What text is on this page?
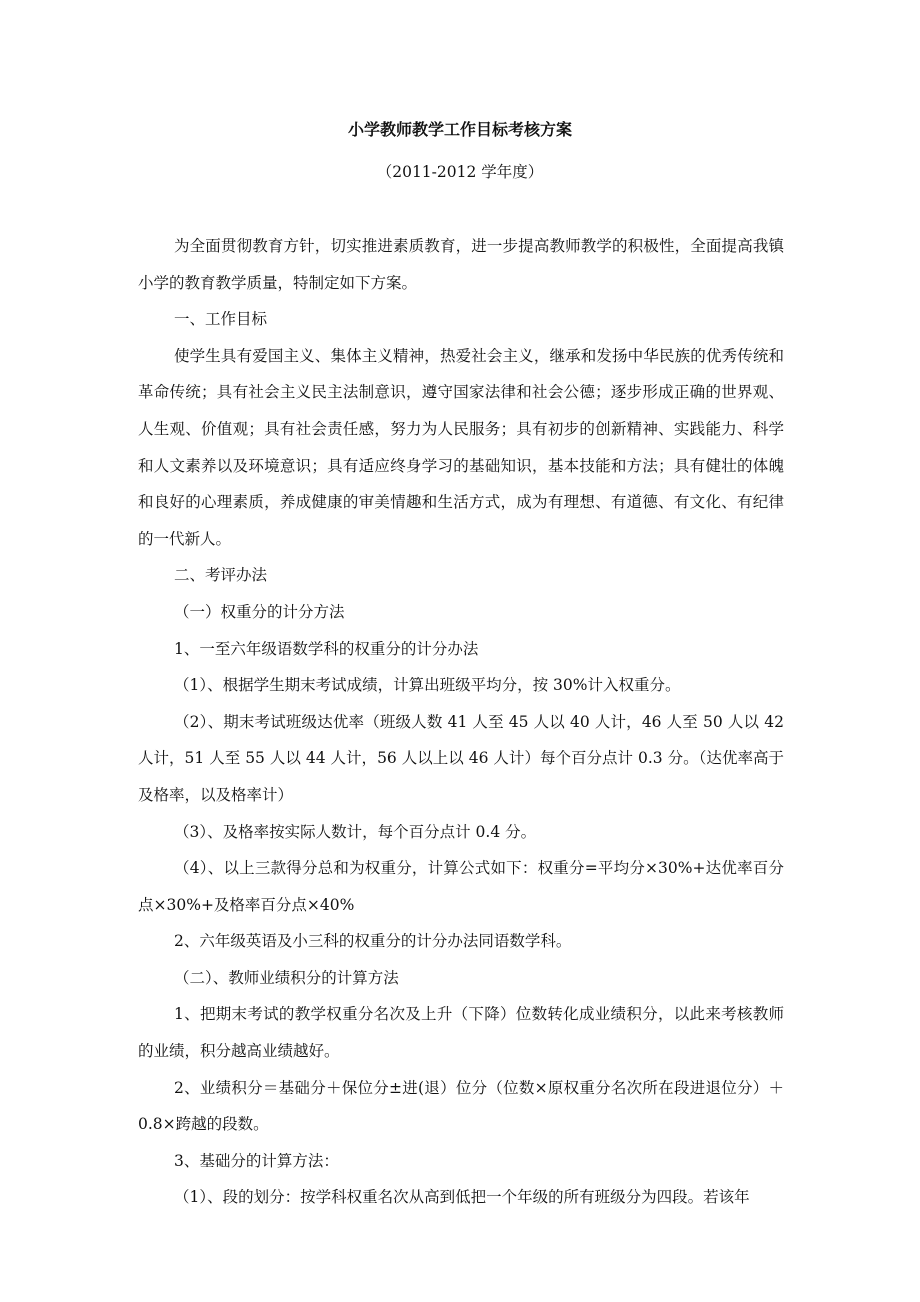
小学教师教学工作目标考核方案
（2011-2012 学年度）

为全面贯彻教育方针，切实推进素质教育，进一步提高教师教学的积极性，全面提高我镇小学的教育教学质量，特制定如下方案。

一、工作目标

使学生具有爱国主义、集体主义精神，热爱社会主义，继承和发扬中华民族的优秀传统和革命传统；具有社会主义民主法制意识，遵守国家法律和社会公德；逐步形成正确的世界观、人生观、价值观；具有社会责任感，努力为人民服务；具有初步的创新精神、实践能力、科学和人文素养以及环境意识；具有适应终身学习的基础知识，基本技能和方法；具有健壮的体魄和良好的心理素质，养成健康的审美情趣和生活方式，成为有理想、有道德、有文化、有纪律的一代新人。

二、考评办法

（一）权重分的计分方法

1、一至六年级语数学科的权重分的计分办法

（1）、根据学生期末考试成绩，计算出班级平均分，按 30%计入权重分。

（2）、期末考试班级达优率（班级人数 41 人至 45 人以 40 人计，46 人至 50 人以 42 人计，51 人至 55 人以 44 人计，56 人以上以 46 人计）每个百分点计 0.3 分。（达优率高于及格率，以及格率计）

（3）、及格率按实际人数计，每个百分点计 0.4 分。

（4）、以上三款得分总和为权重分，计算公式如下：权重分=平均分×30%+达优率百分点×30%+及格率百分点×40%

2、六年级英语及小三科的权重分的计分办法同语数学科。

（二）、教师业绩积分的计算方法

1、把期末考试的教学权重分名次及上升（下降）位数转化成业绩积分，以此来考核教师的业绩，积分越高业绩越好。

2、业绩积分＝基础分＋保位分±进(退）位分（位数×原权重分名次所在段进退位分）＋0.8×跨越的段数。

3、基础分的计算方法：

（1）、段的划分：按学科权重名次从高到低把一个年级的所有班级分为四段。若该年
